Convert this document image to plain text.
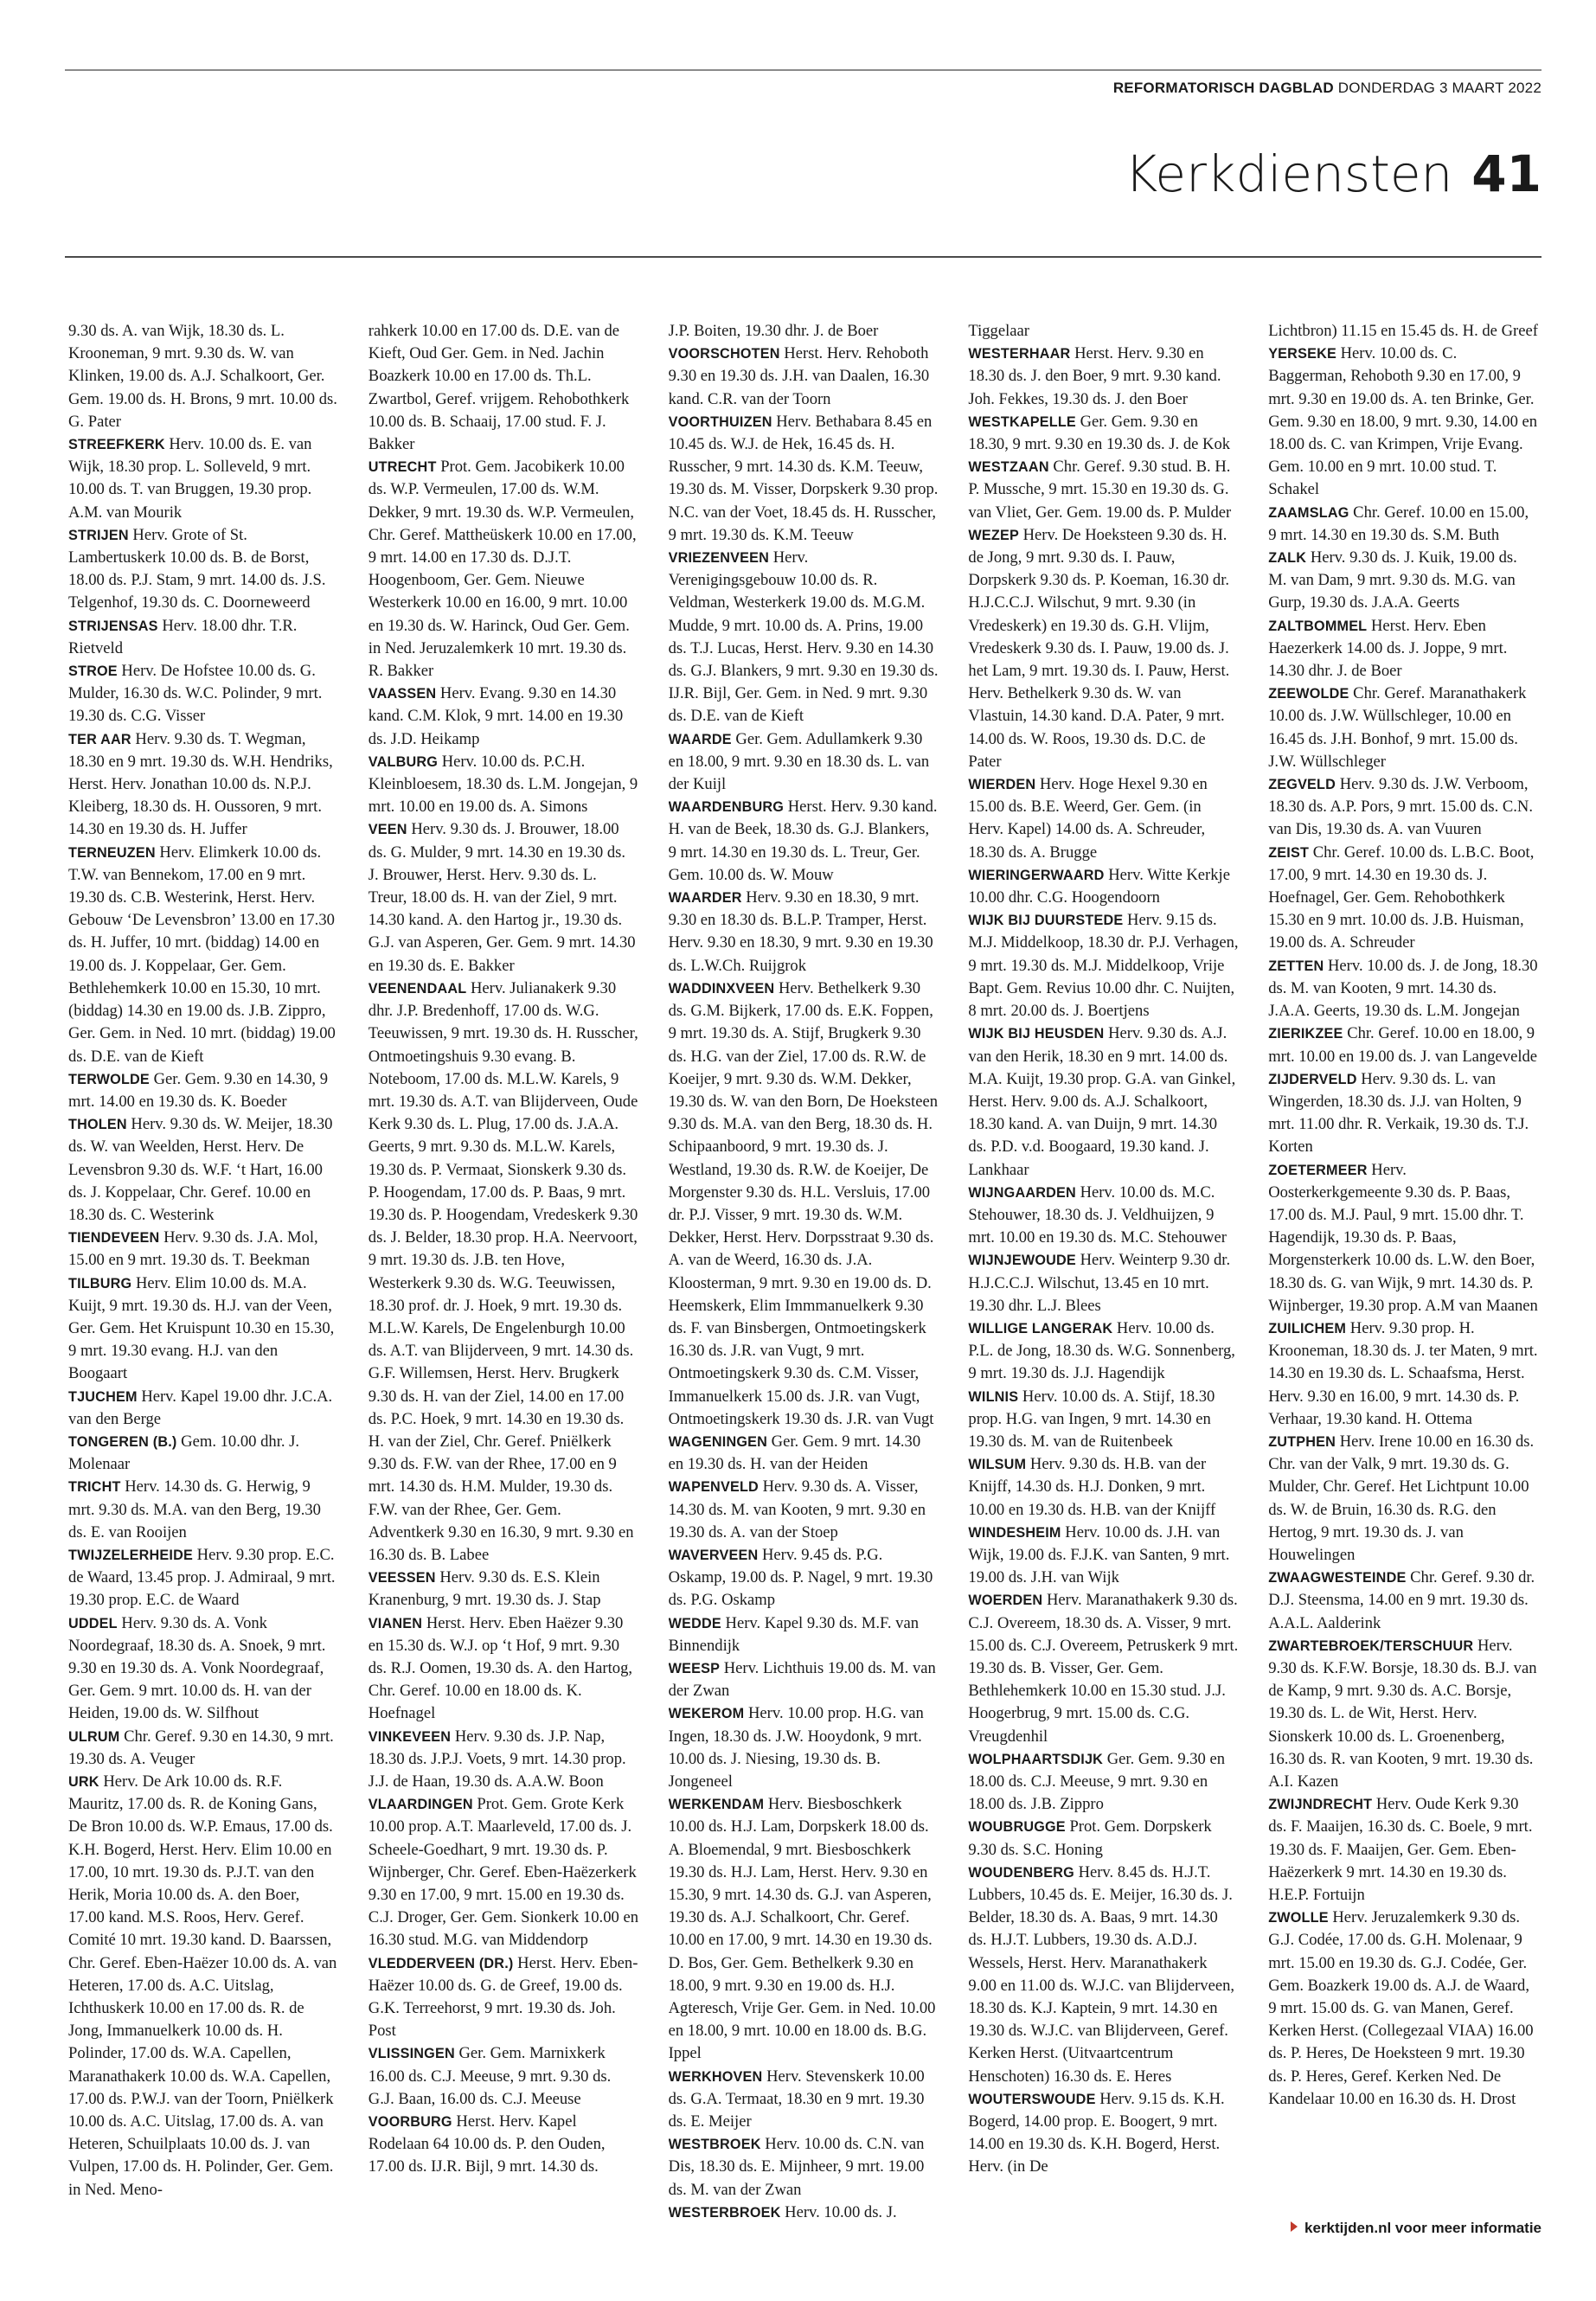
REFORMATORISCH DAGBLAD DONDERDAG 3 MAART 2022
Kerkdiensten 41

9.30 ds. A. van Wijk, 18.30 ds. L. Krooneman, 9 mrt. 9.30 ds. W. van Klinken, 19.00 ds. A.J. Schalkoort, Ger. Gem. 19.00 ds. H. Brons, 9 mrt. 10.00 ds. G. Pater

STREEFKERK Herv. 10.00 ds. E. van Wijk, 18.30 prop. L. Solleveld, 9 mrt. 10.00 ds. T. van Bruggen, 19.30 prop. A.M. van Mourik

STRIJEN Herv. Grote of St. Lambertuskerk 10.00 ds. B. de Borst, 18.00 ds. P.J. Stam, 9 mrt. 14.00 ds. J.S. Telgenhof, 19.30 ds. C. Doorneweerd

STRIJENSAS Herv. 18.00 dhr. T.R. Rietveld

STROE Herv. De Hofstee 10.00 ds. G. Mulder, 16.30 ds. W.C. Polinder, 9 mrt. 19.30 ds. C.G. Visser

TER AAR Herv. 9.30 ds. T. Wegman, 18.30 en 9 mrt. 19.30 ds. W.H. Hendriks, Herst. Herv. Jonathan 10.00 ds. N.P.J. Kleiberg, 18.30 ds. H. Oussoren, 9 mrt. 14.30 en 19.30 ds. H. Juffer

TERNEUZEN Herv. Elimkerk 10.00 ds. T.W. van Bennekom, 17.00 en 9 mrt. 19.30 ds. C.B. Westerink, Herst. Herv. Gebouw ‘De Levensbron’ 13.00 en 17.30 ds. H. Juffer, 10 mrt. (biddag) 14.00 en 19.00 ds. J. Koppelaar, Ger. Gem. Bethlehemkerk 10.00 en 15.30, 10 mrt. (biddag) 14.30 en 19.00 ds. J.B. Zippro, Ger. Gem. in Ned. 10 mrt. (biddag) 19.00 ds. D.E. van de Kieft

TERWOLDE Ger. Gem. 9.30 en 14.30, 9 mrt. 14.00 en 19.30 ds. K. Boeder

THOLEN Herv. 9.30 ds. W. Meijer, 18.30 ds. W. van Weelden, Herst. Herv. De Levensbron 9.30 ds. W.F. ‘t Hart, 16.00 ds. J. Koppelaar, Chr. Geref. 10.00 en 18.30 ds. C. Westerink

TIENDEVEEN Herv. 9.30 ds. J.A. Mol, 15.00 en 9 mrt. 19.30 ds. T. Beekman

TILBURG Herv. Elim 10.00 ds. M.A. Kuijt, 9 mrt. 19.30 ds. H.J. van der Veen, Ger. Gem. Het Kruispunt 10.30 en 15.30, 9 mrt. 19.30 evang. H.J. van den Boogaart

TJUCHEM Herv. Kapel 19.00 dhr. J.C.A. van den Berge

TONGEREN (B.) Gem. 10.00 dhr. J. Molenaar

TRICHT Herv. 14.30 ds. G. Herwig, 9 mrt. 9.30 ds. M.A. van den Berg, 19.30 ds. E. van Rooijen

TWIJZELERHEIDE Herv. 9.30 prop. E.C. de Waard, 13.45 prop. J. Admiraal, 9 mrt. 19.30 prop. E.C. de Waard

UDDEL Herv. 9.30 ds. A. Vonk Noordegraaf, 18.30 ds. A. Snoek, 9 mrt. 9.30 en 19.30 ds. A. Vonk Noordegraaf, Ger. Gem. 9 mrt. 10.00 ds. H. van der Heiden, 19.00 ds. W. Silfhout

ULRUM Chr. Geref. 9.30 en 14.30, 9 mrt. 19.30 ds. A. Veuger

URK Herv. De Ark 10.00 ds. R.F. Mauritz, 17.00 ds. R. de Koning Gans, De Bron 10.00 ds. W.P. Emaus, 17.00 ds. K.H. Bogerd, Herst. Herv. Elim 10.00 en 17.00, 10 mrt. 19.30 ds. P.J.T. van den Herik, Moria 10.00 ds. A. den Boer, 17.00 kand. M.S. Roos, Herv. Geref. Comité 10 mrt. 19.30 kand. D. Baarssen, Chr. Geref. Eben-Haëzer 10.00 ds. A. van Heteren, 17.00 ds. A.C. Uitslag, Ichthuskerk 10.00 en 17.00 ds. R. de Jong, Immanuelkerk 10.00 ds. H. Polinder, 17.00 ds. W.A. Capellen, Maranathakerk 10.00 ds. W.A. Capellen, 17.00 ds. P.W.J. van der Toorn, Pniëlkerk 10.00 ds. A.C. Uitslag, 17.00 ds. A. van Heteren, Schuilplaats 10.00 ds. J. van Vulpen, 17.00 ds. H. Polinder, Ger. Gem. in Ned. Meno-

rahkerk 10.00 en 17.00 ds. D.E. van de Kieft, Oud Ger. Gem. in Ned. Jachin Boazkerk 10.00 en 17.00 ds. Th.L. Zwartbol, Geref. vrijgem. Rehobothkerk 10.00 ds. B. Schaaij, 17.00 stud. F. J. Bakker

UTRECHT Prot. Gem. Jacobikerk 10.00 ds. W.P. Vermeulen, 17.00 ds. W.M. Dekker, 9 mrt. 19.30 ds. W.P. Vermeulen, Chr. Geref. Mattheüskerk 10.00 en 17.00, 9 mrt. 14.00 en 17.30 ds. D.J.T. Hoogenboom, Ger. Gem. Nieuwe Westerkerk 10.00 en 16.00, 9 mrt. 10.00 en 19.30 ds. W. Harinck, Oud Ger. Gem. in Ned. Jeruzalemkerk 10 mrt. 19.30 ds. R. Bakker

VAASSEN Herv. Evang. 9.30 en 14.30 kand. C.M. Klok, 9 mrt. 14.00 en 19.30 ds. J.D. Heikamp

VALBURG Herv. 10.00 ds. P.C.H. Kleinbloesem, 18.30 ds. L.M. Jongejan, 9 mrt. 10.00 en 19.00 ds. A. Simons

VEEN Herv. 9.30 ds. J. Brouwer, 18.00 ds. G. Mulder, 9 mrt. 14.30 en 19.30 ds. J. Brouwer, Herst. Herv. 9.30 ds. L. Treur, 18.00 ds. H. van der Ziel, 9 mrt. 14.30 kand. A. den Hartog jr., 19.30 ds. G.J. van Asperen, Ger. Gem. 9 mrt. 14.30 en 19.30 ds. E. Bakker

VEENENDAAL Herv. Julianakerk 9.30 dhr. J.P. Bredenhoff, 17.00 ds. W.G. Teeuwissen, 9 mrt. 19.30 ds. H. Russcher, Ontmoetingshuis 9.30 evang. B. Noteboom, 17.00 ds. M.L.W. Karels, 9 mrt. 19.30 ds. A.T. van Blijderveen, Oude Kerk 9.30 ds. L. Plug, 17.00 ds. J.A.A. Geerts, 9 mrt. 9.30 ds. M.L.W. Karels, 19.30 ds. P. Vermaat, Sionskerk 9.30 ds. P. Hoogendam, 17.00 ds. P. Baas, 9 mrt. 19.30 ds. P. Hoogendam, Vredeskerk 9.30 ds. J. Belder, 18.30 prop. H.A. Neervoort, 9 mrt. 19.30 ds. J.B. ten Hove, Westerkerk 9.30 ds. W.G. Teeuwissen, 18.30 prof. dr. J. Hoek, 9 mrt. 19.30 ds. M.L.W. Karels, De Engelenburgh 10.00 ds. A.T. van Blijderveen, 9 mrt. 14.30 ds. G.F. Willemsen, Herst. Herv. Brugkerk 9.30 ds. H. van der Ziel, 14.00 en 17.00 ds. P.C. Hoek, 9 mrt. 14.30 en 19.30 ds. H. van der Ziel, Chr. Geref. Pniëlkerk 9.30 ds. F.W. van der Rhee, 17.00 en 9 mrt. 14.30 ds. H.M. Mulder, 19.30 ds. F.W. van der Rhee, Ger. Gem. Adventkerk 9.30 en 16.30, 9 mrt. 9.30 en 16.30 ds. B. Labee

VEESSEN Herv. 9.30 ds. E.S. Klein Kranenburg, 9 mrt. 19.30 ds. J. Stap

VIANEN Herst. Herv. Eben Haëzer 9.30 en 15.30 ds. W.J. op ‘t Hof, 9 mrt. 9.30 ds. R.J. Oomen, 19.30 ds. A. den Hartog, Chr. Geref. 10.00 en 18.00 ds. K. Hoefnagel

VINKEVEEN Herv. 9.30 ds. J.P. Nap, 18.30 ds. J.P.J. Voets, 9 mrt. 14.30 prop. J.J. de Haan, 19.30 ds. A.A.W. Boon

VLAARDINGEN Prot. Gem. Grote Kerk 10.00 prop. A.T. Maarleveld, 17.00 ds. J. Scheele-Goedhart, 9 mrt. 19.30 ds. P. Wijnberger, Chr. Geref. Eben-Haëzerkerk 9.30 en 17.00, 9 mrt. 15.00 en 19.30 ds. C.J. Droger, Ger. Gem. Sionkerk 10.00 en 16.30 stud. M.G. van Middendorp

VLEDDERVEEN (DR.) Herst. Herv. Eben-Haëzer 10.00 ds. G. de Greef, 19.00 ds. G.K. Terreehorst, 9 mrt. 19.30 ds. Joh. Post

VLISSINGEN Ger. Gem. Marnixkerk 16.00 ds. C.J. Meeuse, 9 mrt. 9.30 ds. G.J. Baan, 16.00 ds. C.J. Meeuse

VOORBURG Herst. Herv. Kapel Rodelaan 64 10.00 ds. P. den Ouden, 17.00 ds. IJ.R. Bijl, 9 mrt. 14.30 ds.

J.P. Boiten, 19.30 dhr. J. de Boer

VOORSCHOTEN Herst. Herv. Rehoboth 9.30 en 19.30 ds. J.H. van Daalen, 16.30 kand. C.R. van der Toorn

VOORTHUIZEN Herv. Bethabara 8.45 en 10.45 ds. W.J. de Hek, 16.45 ds. H. Russcher, 9 mrt. 14.30 ds. K.M. Teeuw, 19.30 ds. M. Visser, Dorpskerk 9.30 prop. N.C. van der Voet, 18.45 ds. H. Russcher, 9 mrt. 19.30 ds. K.M. Teeuw

VRIEZENVEEN Herv. Verenigingsgebouw 10.00 ds. R. Veldman, Westerkerk 19.00 ds. M.G.M. Mudde, 9 mrt. 10.00 ds. A. Prins, 19.00 ds. T.J. Lucas, Herst. Herv. 9.30 en 14.30 ds. G.J. Blankers, 9 mrt. 9.30 en 19.30 ds. IJ.R. Bijl, Ger. Gem. in Ned. 9 mrt. 9.30 ds. D.E. van de Kieft

WAARDE Ger. Gem. Adullamkerk 9.30 en 18.00, 9 mrt. 9.30 en 18.30 ds. L. van der Kuijl

WAARDENBURG Herst. Herv. 9.30 kand. H. van de Beek, 18.30 ds. G.J. Blankers, 9 mrt. 14.30 en 19.30 ds. L. Treur, Ger. Gem. 10.00 ds. W. Mouw

WAARDER Herv. 9.30 en 18.30, 9 mrt. 9.30 en 18.30 ds. B.L.P. Tramper, Herst. Herv. 9.30 en 18.30, 9 mrt. 9.30 en 19.30 ds. L.W.Ch. Ruijgrok

WADDINXVEEN Herv. Bethelkerk 9.30 ds. G.M. Bijkerk, 17.00 ds. E.K. Foppen, 9 mrt. 19.30 ds. A. Stijf, Brugkerk 9.30 ds. H.G. van der Ziel, 17.00 ds. R.W. de Koeijer, 9 mrt. 9.30 ds. W.M. Dekker, 19.30 ds. W. van den Born, De Hoeksteen 9.30 ds. M.A. van den Berg, 18.30 ds. H. Schipaanboord, 9 mrt. 19.30 ds. J. Westland, 19.30 ds. R.W. de Koeijer, De Morgenster 9.30 ds. H.L. Versluis, 17.00 dr. P.J. Visser, 9 mrt. 19.30 ds. W.M. Dekker, Herst. Herv. Dorpsstraat 9.30 ds. A. van de Weerd, 16.30 ds. J.A. Kloosterman, 9 mrt. 9.30 en 19.00 ds. D. Heemskerk, Elim Immmanuelkerk 9.30 ds. F. van Binsbergen, Ontmoetingskerk 16.30 ds. J.R. van Vugt, 9 mrt. Ontmoetingskerk 9.30 ds. C.M. Visser, Immanuelkerk 15.00 ds. J.R. van Vugt, Ontmoetingskerk 19.30 ds. J.R. van Vugt

WAGENINGEN Ger. Gem. 9 mrt. 14.30 en 19.30 ds. H. van der Heiden

WAPENVELD Herv. 9.30 ds. A. Visser, 14.30 ds. M. van Kooten, 9 mrt. 9.30 en 19.30 ds. A. van der Stoep

WAVERVEEN Herv. 9.45 ds. P.G. Oskamp, 19.00 ds. P. Nagel, 9 mrt. 19.30 ds. P.G. Oskamp

WEDDE Herv. Kapel 9.30 ds. M.F. van Binnendijk

WEESP Herv. Lichthuis 19.00 ds. M. van der Zwan

WEKEROM Herv. 10.00 prop. H.G. van Ingen, 18.30 ds. J.W. Hooydonk, 9 mrt. 10.00 ds. J. Niesing, 19.30 ds. B. Jongeneel

WERKENDAM Herv. Biesboschkerk 10.00 ds. H.J. Lam, Dorpskerk 18.00 ds. A. Bloemendal, 9 mrt. Biesboschkerk 19.30 ds. H.J. Lam, Herst. Herv. 9.30 en 15.30, 9 mrt. 14.30 ds. G.J. van Asperen, 19.30 ds. A.J. Schalkoort, Chr. Geref. 10.00 en 17.00, 9 mrt. 14.30 en 19.30 ds. D. Bos, Ger. Gem. Bethelkerk 9.30 en 18.00, 9 mrt. 9.30 en 19.00 ds. H.J. Agteresch, Vrije Ger. Gem. in Ned. 10.00 en 18.00, 9 mrt. 10.00 en 18.00 ds. B.G. Ippel

WERKHOVEN Herv. Stevenskerk 10.00 ds. G.A. Termaat, 18.30 en 9 mrt. 19.30 ds. E. Meijer

WESTBROEK Herv. 10.00 ds. C.N. van Dis, 18.30 ds. E. Mijnheer, 9 mrt. 19.00 ds. M. van der Zwan

WESTERBROEK Herv. 10.00 ds. J.

Tiggelaar

WESTERHAAR Herst. Herv. 9.30 en 18.30 ds. J. den Boer, 9 mrt. 9.30 kand. Joh. Fekkes, 19.30 ds. J. den Boer

WESTKAPELLE Ger. Gem. 9.30 en 18.30, 9 mrt. 9.30 en 19.30 ds. J. de Kok

WESTZAAN Chr. Geref. 9.30 stud. B. H. P. Mussche, 9 mrt. 15.30 en 19.30 ds. G. van Vliet, Ger. Gem. 19.00 ds. P. Mulder

WEZEP Herv. De Hoeksteen 9.30 ds. H. de Jong, 9 mrt. 9.30 ds. I. Pauw, Dorpskerk 9.30 ds. P. Koeman, 16.30 dr. H.J.C.C.J. Wilschut, 9 mrt. 9.30 (in Vredeskerk) en 19.30 ds. G.H. Vlijm, Vredeskerk 9.30 ds. I. Pauw, 19.00 ds. J. het Lam, 9 mrt. 19.30 ds. I. Pauw, Herst. Herv. Bethelkerk 9.30 ds. W. van Vlastuin, 14.30 kand. D.A. Pater, 9 mrt. 14.00 ds. W. Roos, 19.30 ds. D.C. de Pater

WIERDEN Herv. Hoge Hexel 9.30 en 15.00 ds. B.E. Weerd, Ger. Gem. (in Herv. Kapel) 14.00 ds. A. Schreuder, 18.30 ds. A. Brugge

WIERINGERWAARD Herv. Witte Kerkje 10.00 dhr. C.G. Hoogendoorn

WIJK BIJ DUURSTEDE Herv. 9.15 ds. M.J. Middelkoop, 18.30 dr. P.J. Verhagen, 9 mrt. 19.30 ds. M.J. Middelkoop, Vrije Bapt. Gem. Revius 10.00 dhr. C. Nuijten, 8 mrt. 20.00 ds. J. Boertjens

WIJK BIJ HEUSDEN Herv. 9.30 ds. A.J. van den Herik, 18.30 en 9 mrt. 14.00 ds. M.A. Kuijt, 19.30 prop. G.A. van Ginkel, Herst. Herv. 9.00 ds. A.J. Schalkoort, 18.30 kand. A. van Duijn, 9 mrt. 14.30 ds. P.D. v.d. Boogaard, 19.30 kand. J. Lankhaar

WIJNGAARDEN Herv. 10.00 ds. M.C. Stehouwer, 18.30 ds. J. Veldhuijzen, 9 mrt. 10.00 en 19.30 ds. M.C. Stehouwer

WIJNJEWOUDE Herv. Weinterp 9.30 dr. H.J.C.C.J. Wilschut, 13.45 en 10 mrt. 19.30 dhr. L.J. Blees

WILLIGE LANGERAK Herv. 10.00 ds. P.L. de Jong, 18.30 ds. W.G. Sonnenberg, 9 mrt. 19.30 ds. J.J. Hagendijk

WILNIS Herv. 10.00 ds. A. Stijf, 18.30 prop. H.G. van Ingen, 9 mrt. 14.30 en 19.30 ds. M. van de Ruitenbeek

WILSUM Herv. 9.30 ds. H.B. van der Knijff, 14.30 ds. H.J. Donken, 9 mrt. 10.00 en 19.30 ds. H.B. van der Knijff

WINDESHEIM Herv. 10.00 ds. J.H. van Wijk, 19.00 ds. F.J.K. van Santen, 9 mrt. 19.00 ds. J.H. van Wijk

WOERDEN Herv. Maranathakerk 9.30 ds. C.J. Overeem, 18.30 ds. A. Visser, 9 mrt. 15.00 ds. C.J. Overeem, Petruskerk 9 mrt. 19.30 ds. B. Visser, Ger. Gem. Bethlehemkerk 10.00 en 15.30 stud. J.J. Hoogerbrug, 9 mrt. 15.00 ds. C.G. Vreugdenhil

WOLPHAARTSDIJK Ger. Gem. 9.30 en 18.00 ds. C.J. Meeuse, 9 mrt. 9.30 en 18.00 ds. J.B. Zippro

WOUBRUGGE Prot. Gem. Dorpskerk 9.30 ds. S.C. Honing

WOUDENBERG Herv. 8.45 ds. H.J.T. Lubbers, 10.45 ds. E. Meijer, 16.30 ds. J. Belder, 18.30 ds. A. Baas, 9 mrt. 14.30 ds. H.J.T. Lubbers, 19.30 ds. A.D.J. Wessels, Herst. Herv. Maranathakerk 9.00 en 11.00 ds. W.J.C. van Blijderveen, 18.30 ds. K.J. Kaptein, 9 mrt. 14.30 en 19.30 ds. W.J.C. van Blijderveen, Geref. Kerken Herst. (Uitvaartcentrum Henschoten) 16.30 ds. E. Heres

WOUTERSWOUDE Herv. 9.15 ds. K.H. Bogerd, 14.00 prop. E. Boogert, 9 mrt. 14.00 en 19.30 ds. K.H. Bogerd, Herst. Herv. (in De

Lichtbron) 11.15 en 15.45 ds. H. de Greef

YERSEKE Herv. 10.00 ds. C. Baggerman, Rehoboth 9.30 en 17.00, 9 mrt. 9.30 en 19.00 ds. A. ten Brinke, Ger. Gem. 9.30 en 18.00, 9 mrt. 9.30, 14.00 en 18.00 ds. C. van Krimpen, Vrije Evang. Gem. 10.00 en 9 mrt. 10.00 stud. T. Schakel

ZAAMSLAG Chr. Geref. 10.00 en 15.00, 9 mrt. 14.30 en 19.30 ds. S.M. Buth

ZALK Herv. 9.30 ds. J. Kuik, 19.00 ds. M. van Dam, 9 mrt. 9.30 ds. M.G. van Gurp, 19.30 ds. J.A.A. Geerts

ZALTBOMMEL Herst. Herv. Eben Haezerkerk 14.00 ds. J. Joppe, 9 mrt. 14.30 dhr. J. de Boer

ZEEWOLDE Chr. Geref. Maranathakerk 10.00 ds. J.W. Wüllschleger, 10.00 en 16.45 ds. J.H. Bonhof, 9 mrt. 15.00 ds. J.W. Wüllschleger

ZEGVELD Herv. 9.30 ds. J.W. Verboom, 18.30 ds. A.P. Pors, 9 mrt. 15.00 ds. C.N. van Dis, 19.30 ds. A. van Vuuren

ZEIST Chr. Geref. 10.00 ds. L.B.C. Boot, 17.00, 9 mrt. 14.30 en 19.30 ds. J. Hoefnagel, Ger. Gem. Rehobothkerk 15.30 en 9 mrt. 10.00 ds. J.B. Huisman, 19.00 ds. A. Schreuder

ZETTEN Herv. 10.00 ds. J. de Jong, 18.30 ds. M. van Kooten, 9 mrt. 14.30 ds. J.A.A. Geerts, 19.30 ds. L.M. Jongejan

ZIERIKZEE Chr. Geref. 10.00 en 18.00, 9 mrt. 10.00 en 19.00 ds. J. van Langevelde

ZIJDERVELD Herv. 9.30 ds. L. van Wingerden, 18.30 ds. J.J. van Holten, 9 mrt. 11.00 dhr. R. Verkaik, 19.30 ds. T.J. Korten

ZOETERMEER Herv. Oosterkerkgemeente 9.30 ds. P. Baas, 17.00 ds. M.J. Paul, 9 mrt. 15.00 dhr. T. Hagendijk, 19.30 ds. P. Baas, Morgensterkerk 10.00 ds. L.W. den Boer, 18.30 ds. G. van Wijk, 9 mrt. 14.30 ds. P. Wijnberger, 19.30 prop. A.M van Maanen

ZUILICHEM Herv. 9.30 prop. H. Krooneman, 18.30 ds. J. ter Maten, 9 mrt. 14.30 en 19.30 ds. L. Schaafsma, Herst. Herv. 9.30 en 16.00, 9 mrt. 14.30 ds. P. Verhaar, 19.30 kand. H. Ottema

ZUTPHEN Herv. Irene 10.00 en 16.30 ds. Chr. van der Valk, 9 mrt. 19.30 ds. G. Mulder, Chr. Geref. Het Lichtpunt 10.00 ds. W. de Bruin, 16.30 ds. R.G. den Hertog, 9 mrt. 19.30 ds. J. van Houwelingen

ZWAAGWESTEINDE Chr. Geref. 9.30 dr. D.J. Steensma, 14.00 en 9 mrt. 19.30 ds. A.A.L. Aalderink

ZWARTEBROEK/TERSCHUUR Herv. 9.30 ds. K.F.W. Borsje, 18.30 ds. B.J. van de Kamp, 9 mrt. 9.30 ds. A.C. Borsje, 19.30 ds. L. de Wit, Herst. Herv. Sionskerk 10.00 ds. L. Groenenberg, 16.30 ds. R. van Kooten, 9 mrt. 19.30 ds. A.I. Kazen

ZWIJNDRECHT Herv. Oude Kerk 9.30 ds. F. Maaijen, 16.30 ds. C. Boele, 9 mrt. 19.30 ds. F. Maaijen, Ger. Gem. Eben-Haëzerkerk 9 mrt. 14.30 en 19.30 ds. H.E.P. Fortuijn

ZWOLLE Herv. Jeruzalemkerk 9.30 ds. G.J. Codée, 17.00 ds. G.H. Molenaar, 9 mrt. 15.00 en 19.30 ds. G.J. Codée, Ger. Gem. Boazkerk 19.00 ds. A.J. de Waard, 9 mrt. 15.00 ds. G. van Manen, Geref. Kerken Herst. (Collegezaal VIAA) 16.00 ds. P. Heres, De Hoeksteen 9 mrt. 19.30 ds. P. Heres, Geref. Kerken Ned. De Kandelaar 10.00 en 16.30 ds. H. Drost

kerktijden.nl voor meer informatie
